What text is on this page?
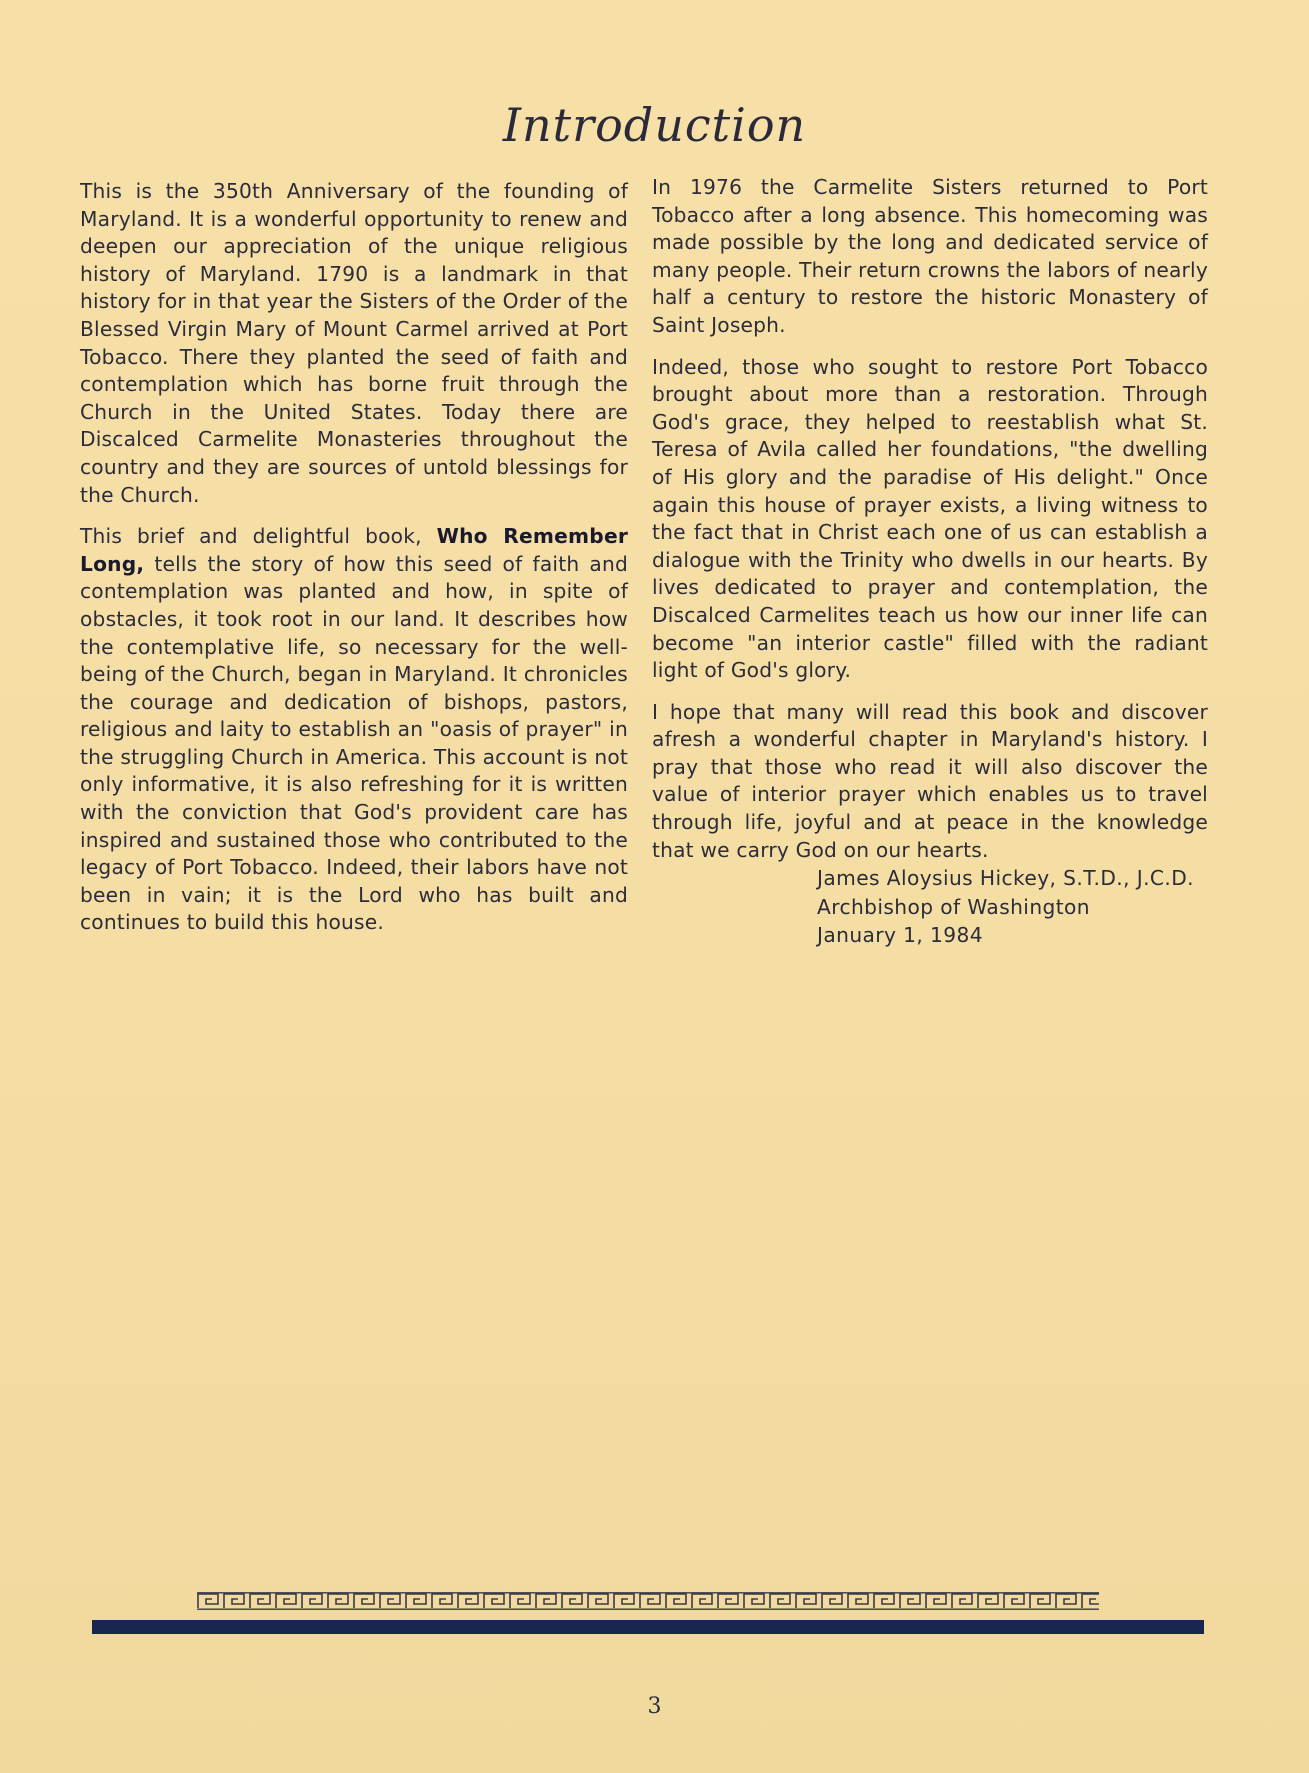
Introduction

This is the 350th Anniversary of the founding of Maryland. It is a wonderful opportunity to renew and deepen our appreciation of the unique religious history of Maryland. 1790 is a landmark in that history for in that year the Sisters of the Order of the Blessed Virgin Mary of Mount Carmel arrived at Port Tobacco. There they planted the seed of faith and contemplation which has borne fruit through the Church in the United States. Today there are Discalced Carmelite Monasteries throughout the country and they are sources of untold blessings for the Church.

This brief and delightful book, Who Remember Long, tells the story of how this seed of faith and contemplation was planted and how, in spite of obstacles, it took root in our land. It describes how the contemplative life, so necessary for the well-being of the Church, began in Maryland. It chronicles the courage and dedication of bishops, pastors, religious and laity to establish an "oasis of prayer" in the struggling Church in America. This account is not only informative, it is also refreshing for it is written with the conviction that God's provident care has inspired and sustained those who contributed to the legacy of Port Tobacco. Indeed, their labors have not been in vain; it is the Lord who has built and continues to build this house.

In 1976 the Carmelite Sisters returned to Port Tobacco after a long absence. This homecoming was made possible by the long and dedicated service of many people. Their return crowns the labors of nearly half a century to restore the historic Monastery of Saint Joseph.

Indeed, those who sought to restore Port Tobacco brought about more than a restoration. Through God's grace, they helped to reestablish what St. Teresa of Avila called her foundations, "the dwelling of His glory and the paradise of His delight." Once again this house of prayer exists, a living witness to the fact that in Christ each one of us can establish a dialogue with the Trinity who dwells in our hearts. By lives dedicated to prayer and contemplation, the Discalced Carmelites teach us how our inner life can become "an interior castle" filled with the radiant light of God's glory.

I hope that many will read this book and discover afresh a wonderful chapter in Maryland's history. I pray that those who read it will also discover the value of interior prayer which enables us to travel through life, joyful and at peace in the knowledge that we carry God on our hearts.

James Aloysius Hickey, S.T.D., J.C.D.
Archbishop of Washington
January 1, 1984
3
